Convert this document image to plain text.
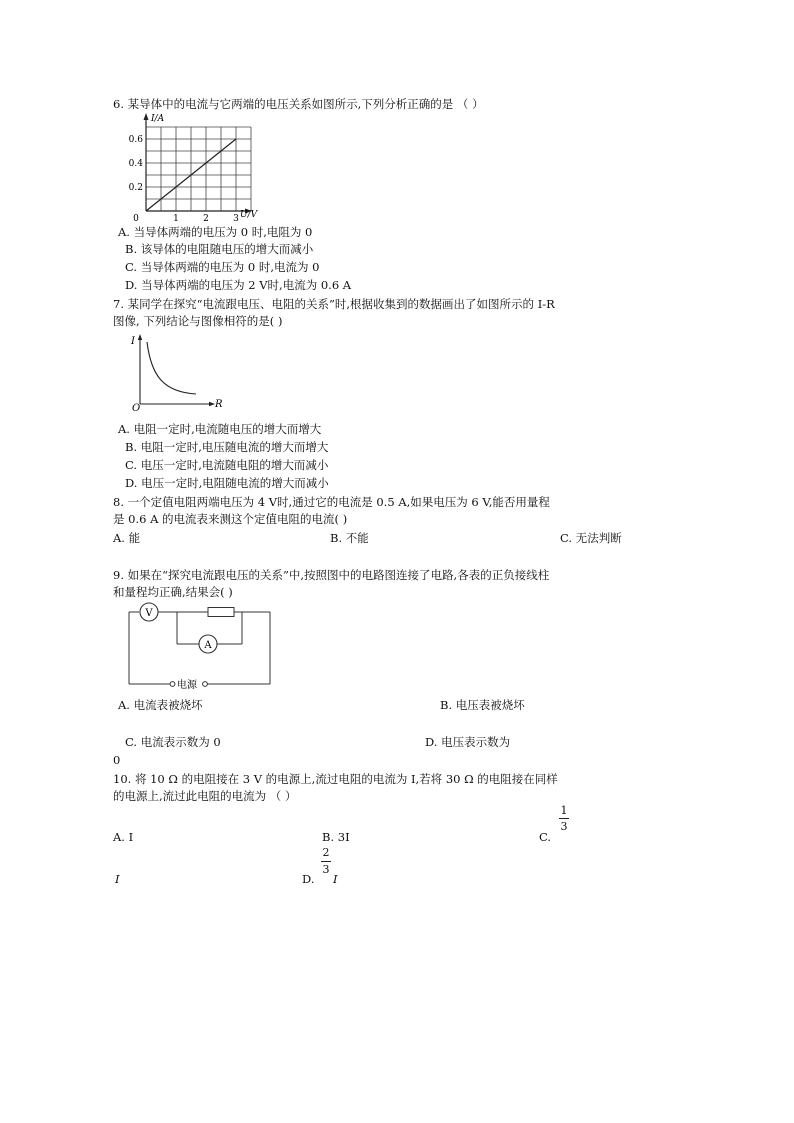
6. 某导体中的电流与它两端的电压关系如图所示,下列分析正确的是 （ ）
I/A
U/V
0	1	2	3
0.2
0.4
0.6
A. 当导体两端的电压为 0 时,电阻为 0
B. 该导体的电阻随电压的增大而减小
C. 当导体两端的电压为 0 时,电流为 0
D. 当导体两端的电压为 2 V时,电流为 0.6 A
7. 某同学在探究“电流跟电压、电阻的关系”时,根据收集到的数据画出了如图所示的 I-R
图像, 下列结论与图像相符的是( )
I
R
O
A. 电阻一定时,电流随电压的增大而增大
B. 电阻一定时,电压随电流的增大而增大
C. 电压一定时,电流随电阻的增大而减小
D. 电压一定时,电阻随电流的增大而减小
8. 一个定值电阻两端电压为 4 V时,通过它的电流是 0.5 A,如果电压为 6 V,能否用量程
是 0.6 A 的电流表来测这个定值电阻的电流( )
A. 能	B. 不能	C. 无法判断
9. 如果在“探究电流跟电压的关系”中,按照图中的电路图连接了电路,各表的正负接线柱
和量程均正确,结果会( )
V
A
电源
A. 电流表被烧坏	B. 电压表被烧坏
C. 电流表示数为 0	D. 电压表示数为
0
10. 将 10 Ω 的电阻接在 3 V 的电源上,流过电阻的电流为 I,若将 30 Ω 的电阻接在同样
的电源上,流过此电阻的电流为 （ ）
A. I	B. 3I	C.
1
3
I	D.
2
3
I
